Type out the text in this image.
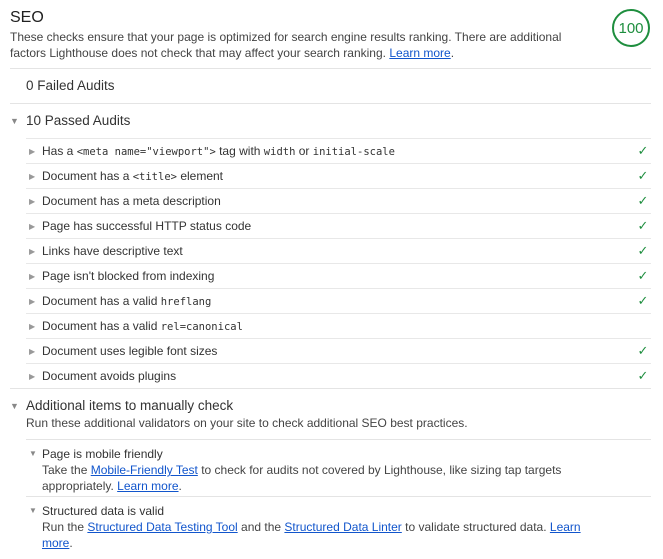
SEO
These checks ensure that your page is optimized for search engine results ranking. There are additional factors Lighthouse does not check that may affect your search ranking. Learn more.
100
0 Failed Audits
▼ 10 Passed Audits
▶ Has a <meta name="viewport"> tag with width or initial-scale	✓
▶ Document has a <title> element	✓
▶ Document has a meta description	✓
▶ Page has successful HTTP status code	✓
▶ Links have descriptive text	✓
▶ Page isn't blocked from indexing	✓
▶ Document has a valid hreflang	✓
▶ Document has a valid rel=canonical
▶ Document uses legible font sizes	✓
▶ Document avoids plugins	✓
▼ Additional items to manually check
Run these additional validators on your site to check additional SEO best practices.
▼ Page is mobile friendly
Take the Mobile-Friendly Test to check for audits not covered by Lighthouse, like sizing tap targets appropriately. Learn more.
▼ Structured data is valid
Run the Structured Data Testing Tool and the Structured Data Linter to validate structured data. Learn more.
